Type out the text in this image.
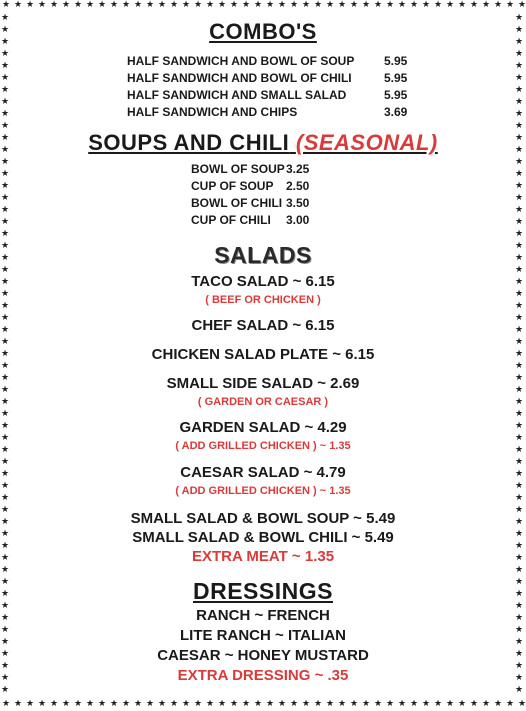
★ ★ ★ ★ ★ ★ ★ ★ ★ ★ ★ ★ ★ ★ ★ ★ ★ ★ ★ ★ ★ ★ ★ ★ ★ ★ ★ ★ ★ ★ ★ ★ ★ ★ ★ ★ ★ ★ ★ ★ ★ ★ ★ ★
★ ★ ★ ★ ★ ★ ★ ★ ★ ★ ★ ★ ★ ★ ★ ★ ★ ★ ★ ★ ★ ★ ★ ★ ★ ★ ★ ★ ★ ★ ★ ★ ★ ★ ★ ★ ★ ★ ★ ★ ★ ★ ★ ★
★
★
★
★
★
★
★
★
★
★
★
★
★
★
★
★
★
★
★
★
★
★
★
★
★
★
★
★
★
★
★
★
★
★
★
★
★
★
★
★
★
★
★
★
★
★
★
★
★
★
★
★
★
★
★
★
★
★
★
★
★
★
★
★
★
★
★
★
★
★
★
★
★
★
★
★
★
★
★
★
★
★
★
★
★
★
★
★
★
★
★
★
★
★
★
★
★
★
★
★
★
★
★
★
★
★
★
★
★
★
★
★
★
★
COMBO'S
HALF SANDWICH AND BOWL OF SOUP	5.95
HALF SANDWICH AND BOWL OF CHILI	5.95
HALF SANDWICH AND SMALL SALAD	5.95
HALF SANDWICH AND CHIPS	3.69
SOUPS AND CHILI (SEASONAL)
BOWL OF SOUP 3.25
CUP OF SOUP	2.50
BOWL OF CHILI 3.50
CUP OF CHILI	3.00
SALADS
TACO SALAD ~ 6.15
( BEEF OR CHICKEN )
CHEF SALAD ~ 6.15
CHICKEN SALAD PLATE ~ 6.15
SMALL SIDE SALAD ~ 2.69
( GARDEN OR CAESAR )
GARDEN SALAD ~ 4.29
( ADD GRILLED CHICKEN ) ~ 1.35
CAESAR SALAD ~ 4.79
( ADD GRILLED CHICKEN ) ~ 1.35
SMALL SALAD & BOWL SOUP ~ 5.49
SMALL SALAD & BOWL CHILI ~ 5.49
EXTRA MEAT ~ 1.35
DRESSINGS
RANCH ~ FRENCH
LITE RANCH ~ ITALIAN
CAESAR ~ HONEY MUSTARD
EXTRA DRESSING ~ .35
